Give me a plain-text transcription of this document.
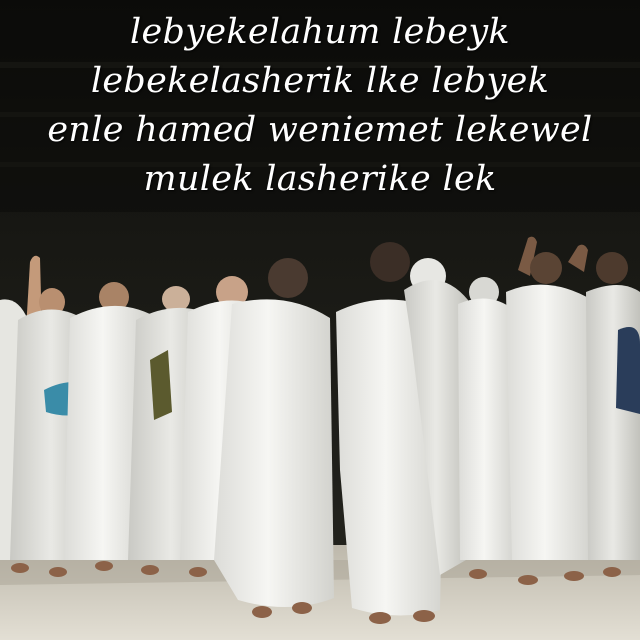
lebyekelahum lebeyk
lebekelasherik lke lebyek
enle hamed weniemet lekewel
mulek lasherike lek
